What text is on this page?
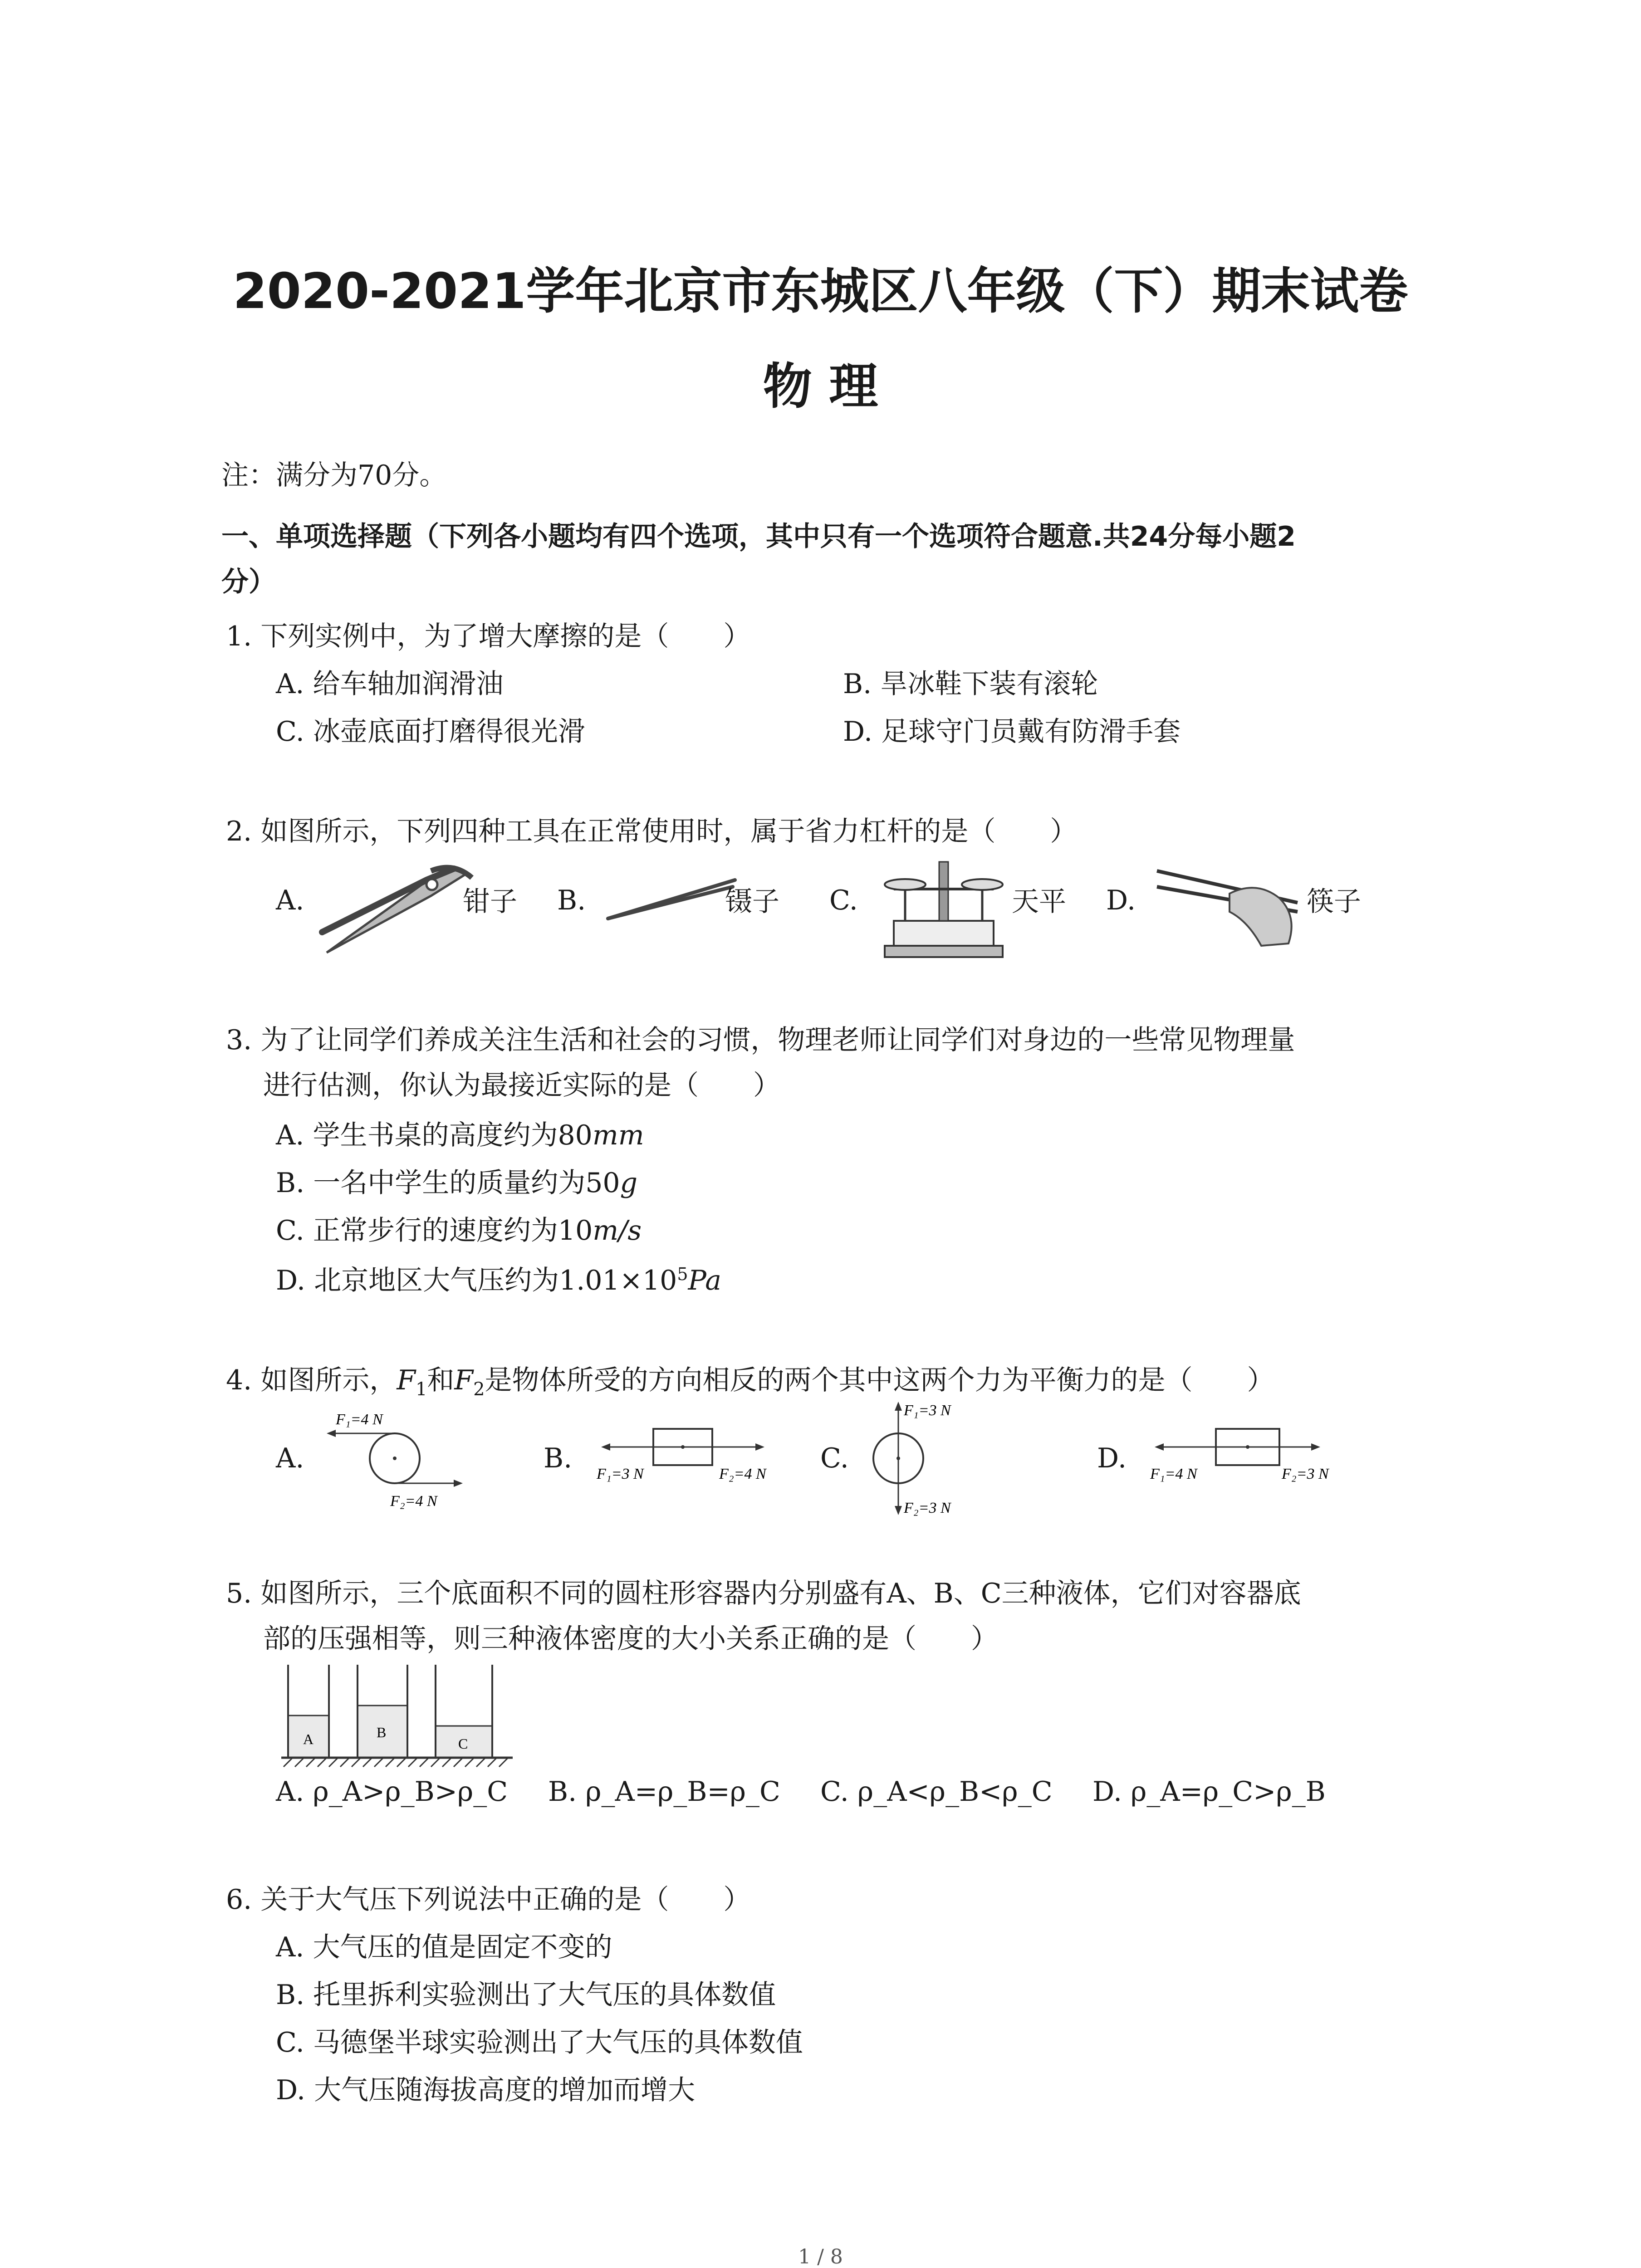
2020-2021学年北京市东城区八年级（下）期末试卷
物 理
注：满分为70分。
一、单项选择题（下列各小题均有四个选项，其中只有一个选项符合题意.共24分每小题2
分）
1. 下列实例中，为了增大摩擦的是（　　）
A. 给车轴加润滑油	B. 旱冰鞋下装有滚轮
C. 冰壶底面打磨得很光滑	D. 足球守门员戴有防滑手套
2. 如图所示，下列四种工具在正常使用时，属于省力杠杆的是（　　）
A.	钳子 B.	镊子 C.	天平 D.	筷子
3. 为了让同学们养成关注生活和社会的习惯，物理老师让同学们对身边的一些常见物理量
进行估测，你认为最接近实际的是（　　）
A. 学生书桌的高度约为80mm
B. 一名中学生的质量约为50g
C. 正常步行的速度约为10m/s
D. 北京地区大气压约为$1.01\times 10^5Pa$
4. 如图所示，$F_1$和$F_2$是物体所受的方向相反的两个其中这两个力为平衡力的是（　　）
A.
F₁=4 N
F₂=4 N
B. F₁=3 N	F₂=4 N C.
F₁=3 N
F₂=3 N
D. F₁=4 N	F₂=3 N
5. 如图所示，三个底面积不同的圆柱形容器内分别盛有A、B、C三种液体，它们对容器底
部的压强相等，则三种液体密度的大小关系正确的是（　　）
A	B
C
A. ρ_A>ρ_B>ρ_C B. ρ_A=ρ_B=ρ_C C. ρ_A<ρ_B<ρ_C D. ρ_A=ρ_C>ρ_B
6. 关于大气压下列说法中正确的是（　　）
A. 大气压的值是固定不变的
B. 托里拆利实验测出了大气压的具体数值
C. 马德堡半球实验测出了大气压的具体数值
D. 大气压随海拔高度的增加而增大
1 / 8
